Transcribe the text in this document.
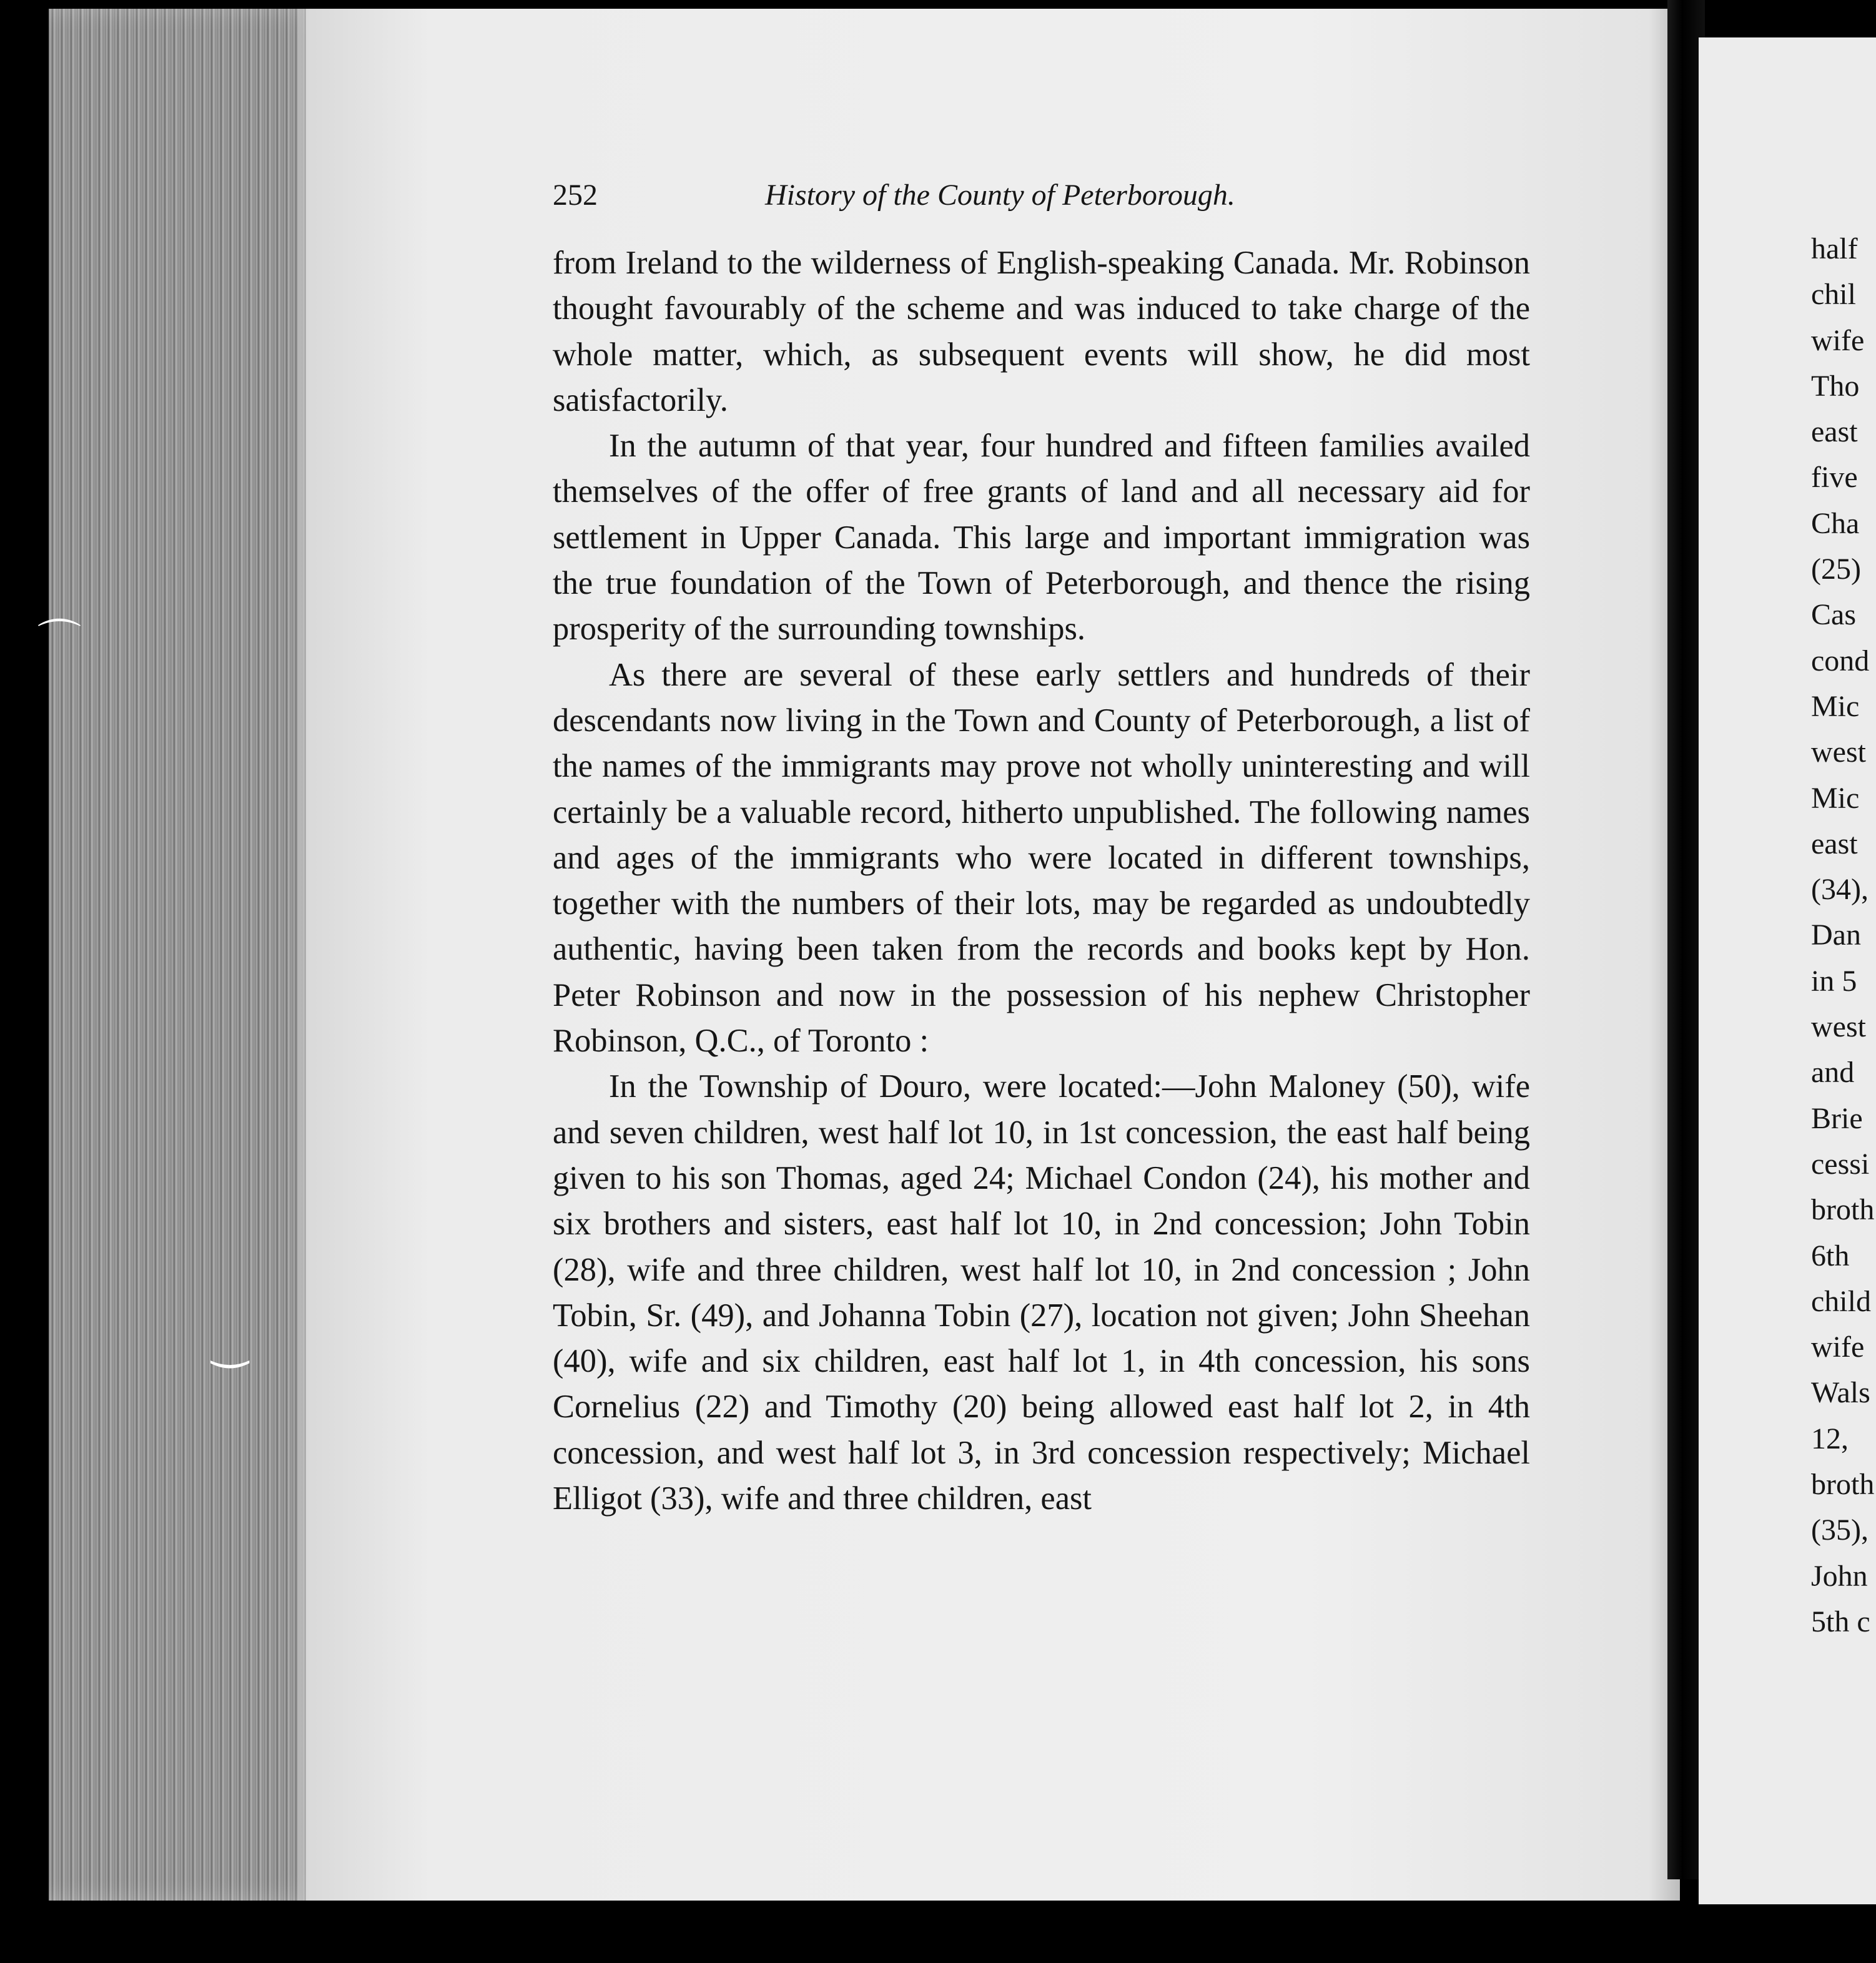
252	History of the County of Peterborough.

from Ireland to the wilderness of English-speaking Canada. Mr. Robinson thought favourably of the scheme and was induced to take charge of the whole matter, which, as subsequent events will show, he did most satisfactorily.

In the autumn of that year, four hundred and fifteen families availed themselves of the offer of free grants of land and all necessary aid for settlement in Upper Canada. This large and important immigration was the true foundation of the Town of Peterborough, and thence the rising prosperity of the surrounding townships.

As there are several of these early settlers and hundreds of their descendants now living in the Town and County of Peterborough, a list of the names of the immigrants may prove not wholly uninteresting and will certainly be a valuable record, hitherto unpublished. The following names and ages of the immigrants who were located in different townships, together with the numbers of their lots, may be regarded as undoubtedly authentic, having been taken from the records and books kept by Hon. Peter Robinson and now in the possession of his nephew Christopher Robinson, Q.C., of Toronto :

In the Township of Douro, were located:—John Maloney (50), wife and seven children, west half lot 10, in 1st concession, the east half being given to his son Thomas, aged 24; Michael Condon (24), his mother and six brothers and sisters, east half lot 10, in 2nd concession; John Tobin (28), wife and three children, west half lot 10, in 2nd concession ; John Tobin, Sr. (49), and Johanna Tobin (27), location not given; John Sheehan (40), wife and six children, east half lot 1, in 4th concession, his sons Cornelius (22) and Timothy (20) being allowed east half lot 2, in 4th concession, and west half lot 3, in 3rd concession respectively; Michael Elligot (33), wife and three children, east

half
chil
wife
Tho
east
five
Cha
(25)
Cas
cond
Mic
west
Mic
east
(34),
Dan
in 5
west
and
Brie
cessi
broth
6th
child
wife
Wals
12,
broth
(35),
John
5th c
⌒
‿
